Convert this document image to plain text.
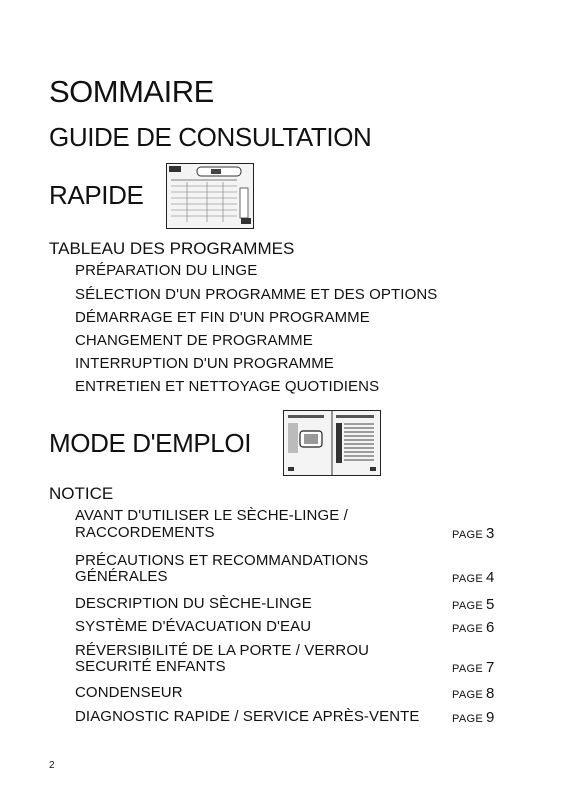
SOMMAIRE
GUIDE DE CONSULTATION
RAPIDE
TABLEAU DES PROGRAMMES
PRÉPARATION DU LINGE
SÉLECTION D'UN PROGRAMME ET DES OPTIONS
DÉMARRAGE ET FIN D'UN PROGRAMME
CHANGEMENT DE PROGRAMME
INTERRUPTION D'UN PROGRAMME
ENTRETIEN ET NETTOYAGE QUOTIDIENS
MODE D'EMPLOI
NOTICE
AVANT D'UTILISER LE SÈCHE-LINGE /
RACCORDEMENTS	PAGE 3
PRÉCAUTIONS ET RECOMMANDATIONS
GÉNÉRALES	PAGE 4
DESCRIPTION DU SÈCHE-LINGE	PAGE 5
SYSTÈME D'ÉVACUATION D'EAU	PAGE 6
RÉVERSIBILITÉ DE LA PORTE / VERROU
SECURITÉ ENFANTS	PAGE 7
CONDENSEUR	PAGE 8
DIAGNOSTIC RAPIDE / SERVICE APRÈS-VENTE	PAGE 9
2
